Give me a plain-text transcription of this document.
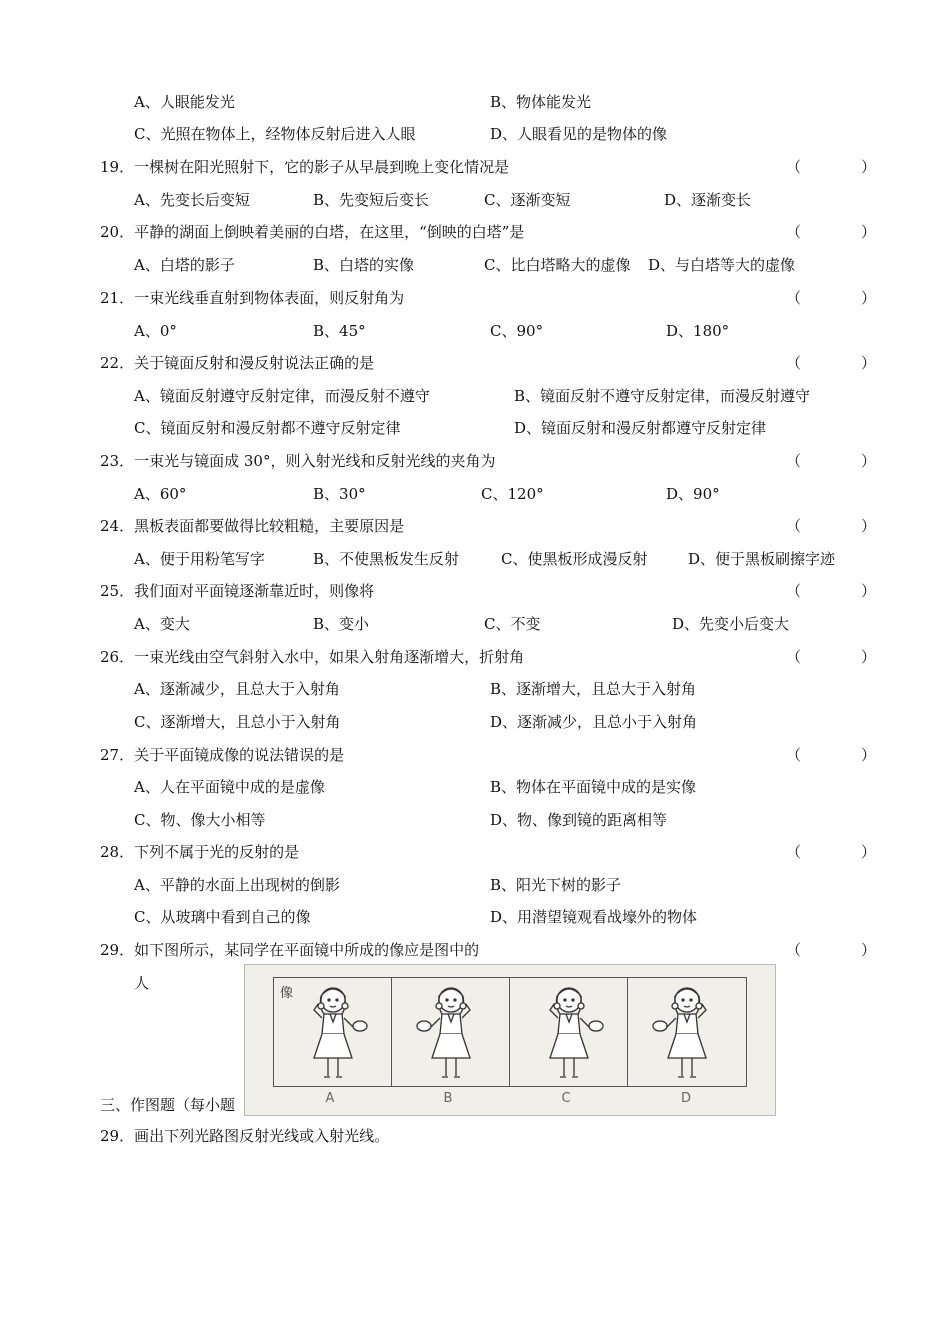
A、人眼能发光	B、物体能发光
C、光照在物体上，经物体反射后进入人眼	D、人眼看见的是物体的像
19．一棵树在阳光照射下，它的影子从早晨到晚上变化情况是
A、先变长后变短	B、先变短后变长	C、逐渐变短	D、逐渐变长
20．平静的湖面上倒映着美丽的白塔，在这里，“倒映的白塔”是
A、白塔的影子	B、白塔的实像	C、比白塔略大的虚像 D、与白塔等大的虚像
21．一束光线垂直射到物体表面，则反射角为
A、0°	B、45°	C、90°	D、180°
22．关于镜面反射和漫反射说法正确的是
A、镜面反射遵守反射定律，而漫反射不遵守	B、镜面反射不遵守反射定律，而漫反射遵守
C、镜面反射和漫反射都不遵守反射定律	D、镜面反射和漫反射都遵守反射定律
23．一束光与镜面成 30°，则入射光线和反射光线的夹角为
A、60°	B、30°	C、120°	D、90°
24．黑板表面都要做得比较粗糙，主要原因是
A、便于用粉笔写字	B、不使黑板发生反射	C、使黑板形成漫反射	D、便于黑板刷擦字迹
25．我们面对平面镜逐渐靠近时，则像将
A、变大	B、变小	C、不变	D、先变小后变大
26．一束光线由空气斜射入水中，如果入射角逐渐增大，折射角
A、逐渐减少，且总大于入射角	B、逐渐增大，且总大于入射角
C、逐渐增大，且总小于入射角	D、逐渐减少，且总小于入射角
27．关于平面镜成像的说法错误的是
A、人在平面镜中成的是虚像	B、物体在平面镜中成的是实像
C、物、像大小相等	D、物、像到镜的距离相等
28．下列不属于光的反射的是
A、平静的水面上出现树的倒影	B、阳光下树的影子
C、从玻璃中看到自己的像	D、用潜望镜观看战壕外的物体
29．如下图所示，某同学在平面镜中所成的像应是图中的
人
三、作图题（每小题
29．画出下列光路图反射光线或入射光线。
（　　　　）
（　　　　）
（　　　　）
（　　　　）
（　　　　）
（　　　　）
（　　　　）
（　　　　）
（　　　　）
（　　　　）
（　　　　）
像
A	B	C	D
